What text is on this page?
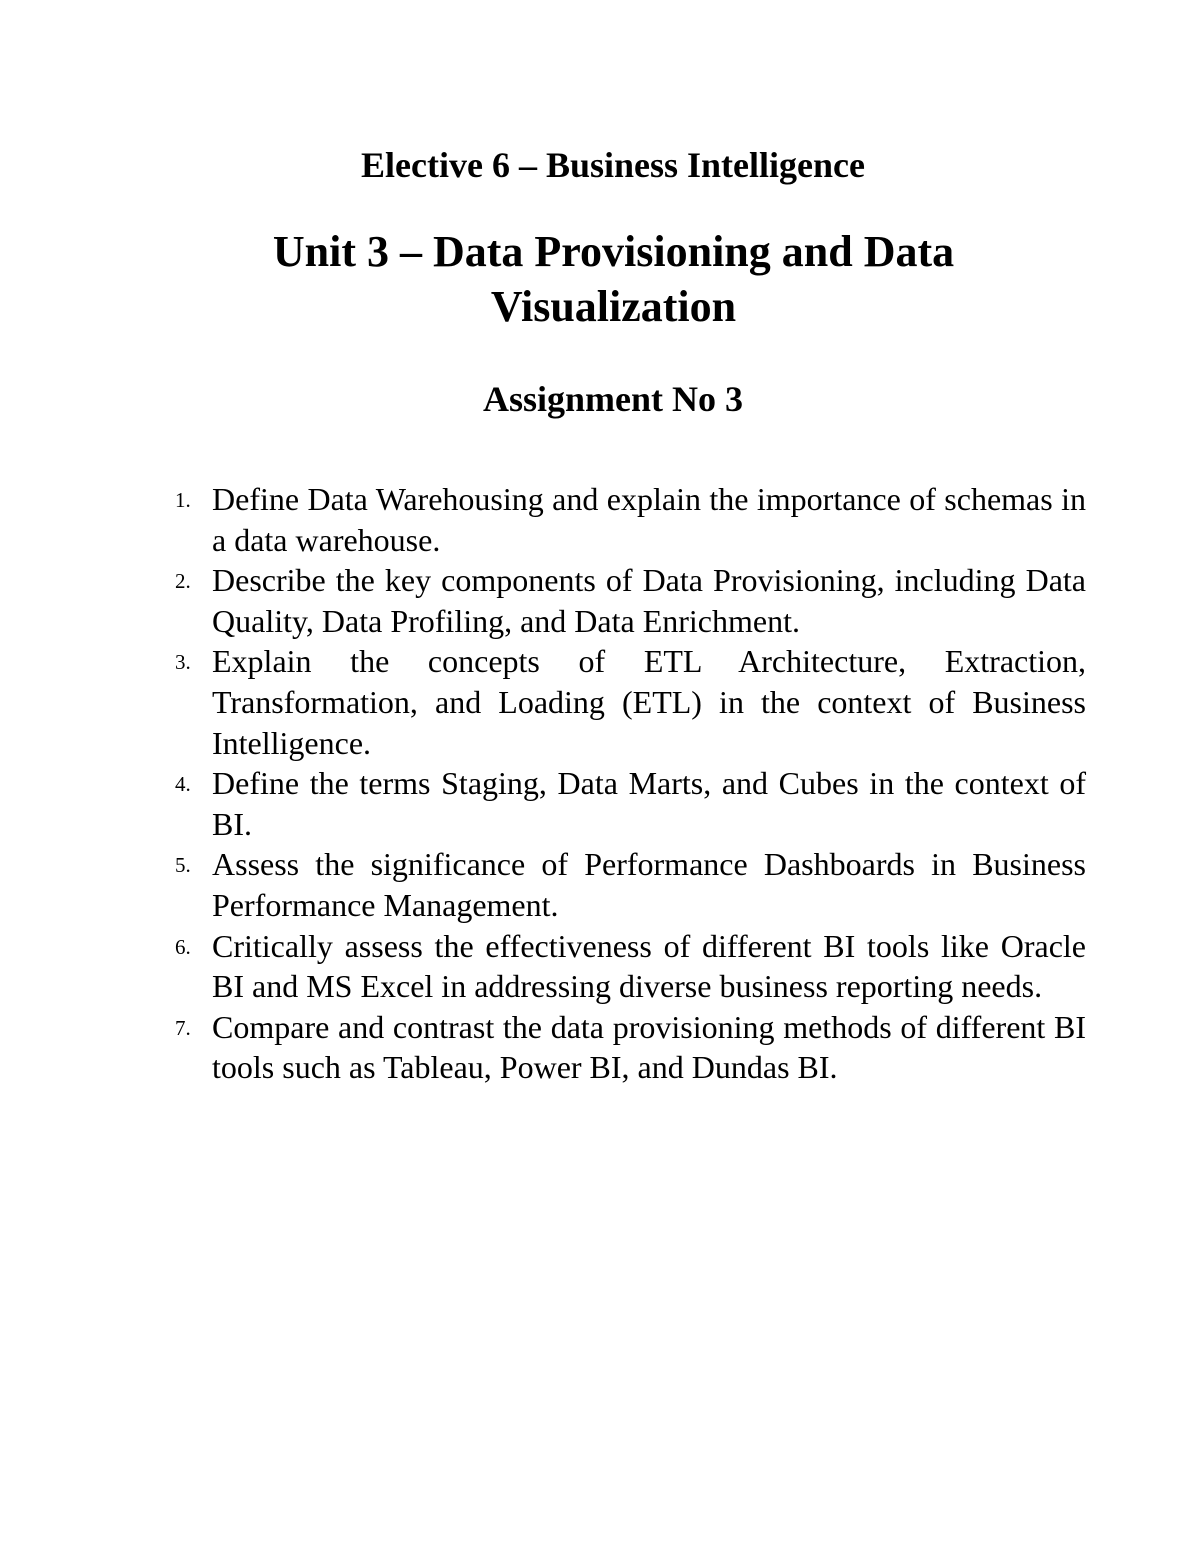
Elective 6 – Business Intelligence
Unit 3 – Data Provisioning and Data Visualization
Assignment No 3
1. Define Data Warehousing and explain the importance of schemas in a data warehouse.
2. Describe the key components of Data Provisioning, including Data Quality, Data Profiling, and Data Enrichment.
3. Explain the concepts of ETL Architecture, Extraction, Transformation, and Loading (ETL) in the context of Business Intelligence.
4. Define the terms Staging, Data Marts, and Cubes in the context of BI.
5. Assess the significance of Performance Dashboards in Business Performance Management.
6. Critically assess the effectiveness of different BI tools like Oracle BI and MS Excel in addressing diverse business reporting needs.
7. Compare and contrast the data provisioning methods of different BI tools such as Tableau, Power BI, and Dundas BI.
